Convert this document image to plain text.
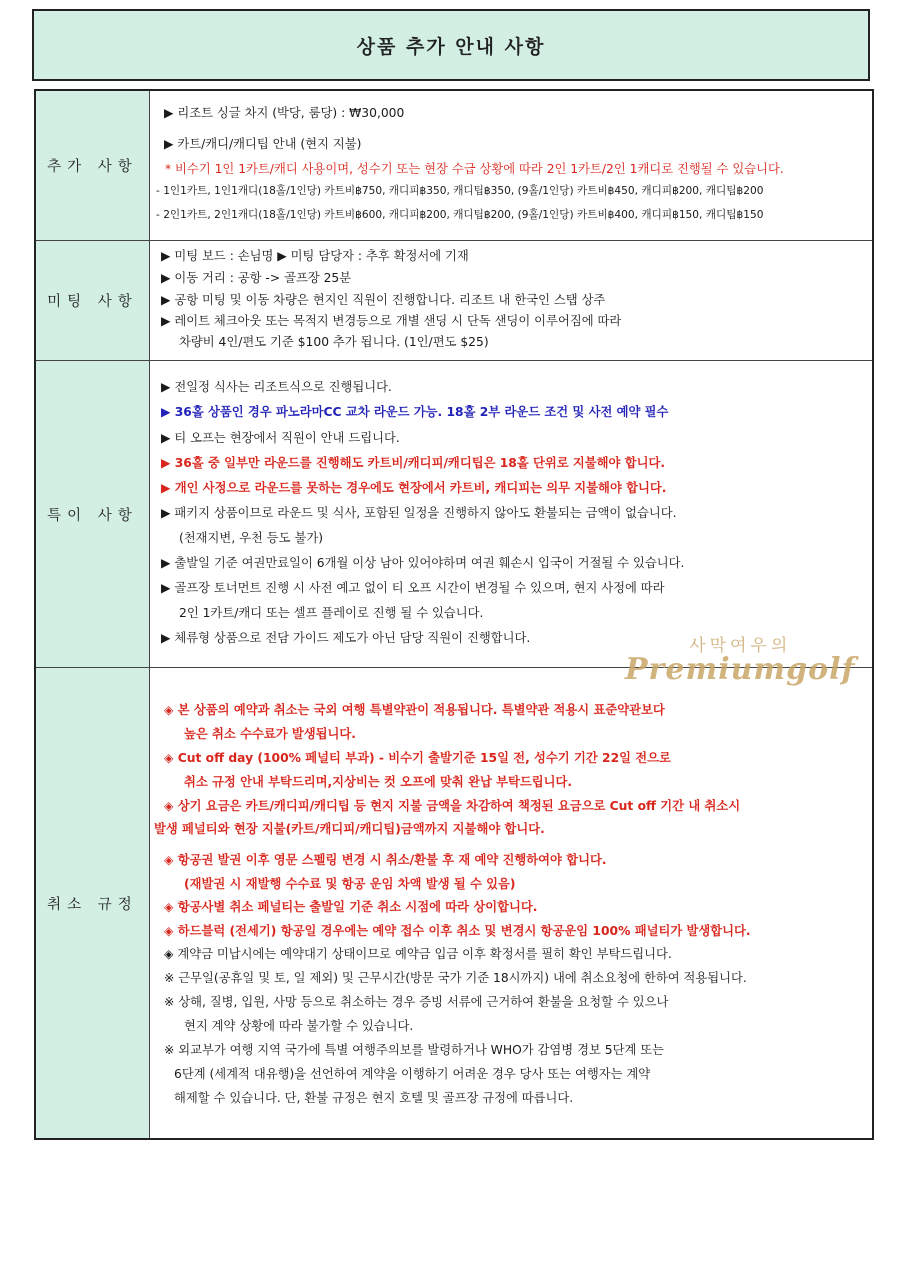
상품 추가 안내 사항
추가 사항
▶ 리조트 싱글 차지 (박당, 룸당) : ₩30,000
▶ 카트/캐디/캐디팁 안내 (현지 지불)
* 비수기 1인 1카트/캐디 사용이며, 성수기 또는 현장 수급 상황에 따라 2인 1카트/2인 1캐디로 진행될 수 있습니다.
- 1인1카트, 1인1캐디(18홀/1인당) 카트비฿750, 캐디피฿350, 캐디팁฿350, (9홀/1인당) 카트비฿450, 캐디피฿200, 캐디팁฿200
- 2인1카트, 2인1캐디(18홀/1인당) 카트비฿600, 캐디피฿200, 캐디팁฿200, (9홀/1인당) 카트비฿400, 캐디피฿150, 캐디팁฿150
미팅 사항
▶ 미팅 보드 : 손님명 ▶ 미팅 담당자 : 추후 확정서에 기재
▶ 이동 거리 : 공항 -> 골프장 25분
▶ 공항 미팅 및 이동 차량은 현지인 직원이 진행합니다. 리조트 내 한국인 스탭 상주
▶ 레이트 체크아웃 또는 목적지 변경등으로 개별 샌딩 시 단독 샌딩이 이루어짐에 따라
차량비 4인/편도 기준 $100 추가 됩니다. (1인/편도 $25)
특이 사항
▶ 전일정 식사는 리조트식으로 진행됩니다.
▶ 36홀 상품인 경우 파노라마CC 교차 라운드 가능. 18홀 2부 라운드 조건 및 사전 예약 필수
▶ 티 오프는 현장에서 직원이 안내 드립니다.
▶ 36홀 중 일부만 라운드를 진행해도 카트비/캐디피/캐디팁은 18홀 단위로 지불해야 합니다.
▶ 개인 사정으로 라운드를 못하는 경우에도 현장에서 카트비, 캐디피는 의무 지불해야 합니다.
▶ 패키지 상품이므로 라운드 및 식사, 포함된 일정을 진행하지 않아도 환불되는 금액이 없습니다.
(천재지변, 우천 등도 불가)
▶ 출발일 기준 여권만료일이 6개월 이상 남아 있어야하며 여권 훼손시 입국이 거절될 수 있습니다.
▶ 골프장 토너먼트 진행 시 사전 예고 없이 티 오프 시간이 변경될 수 있으며, 현지 사정에 따라
2인 1카트/캐디 또는 셀프 플레이로 진행 될 수 있습니다.
▶ 체류형 상품으로 전담 가이드 제도가 아닌 담당 직원이 진행합니다.	사막여우의
Premiumgolf
취소 규정
◈ 본 상품의 예약과 취소는 국외 여행 특별약관이 적용됩니다. 특별약관 적용시 표준약관보다
높은 취소 수수료가 발생됩니다.
◈ Cut off day (100% 페널티 부과) - 비수기 출발기준 15일 전, 성수기 기간 22일 전으로
취소 규정 안내 부탁드리며,지상비는 컷 오프에 맞춰 완납 부탁드립니다.
◈ 상기 요금은 카트/캐디피/캐디팁 등 현지 지불 금액을 차감하여 책정된 요금으로 Cut off 기간 내 취소시
발생 페널티와 현장 지불(카트/캐디피/캐디팁)금액까지 지불해야 합니다.
◈ 항공권 발권 이후 영문 스펠링 변경 시 취소/환불 후 재 예약 진행하여야 합니다.
(재발권 시 재발행 수수료 및 항공 운임 차액 발생 될 수 있음)
◈ 항공사별 취소 페널티는 출발일 기준 취소 시점에 따라 상이합니다.
◈ 하드블럭 (전세기) 항공일 경우에는 예약 접수 이후 취소 및 변경시 항공운임 100% 패널티가 발생합니다.
◈ 계약금 미납시에는 예약대기 상태이므로 예약금 입금 이후 확정서를 필히 확인 부탁드립니다.
※ 근무일(공휴일 및 토, 일 제외) 및 근무시간(방문 국가 기준 18시까지) 내에 취소요청에 한하여 적용됩니다.
※ 상해, 질병, 입원, 사망 등으로 취소하는 경우 증빙 서류에 근거하여 환불을 요청할 수 있으나
현지 계약 상황에 따라 불가할 수 있습니다.
※ 외교부가 여행 지역 국가에 특별 여행주의보를 발령하거나 WHO가 감염병 경보 5단계 또는
6단계 (세계적 대유행)을 선언하여 계약을 이행하기 어려운 경우 당사 또는 여행자는 계약
해제할 수 있습니다. 단, 환불 규정은 현지 호텔 및 골프장 규정에 따릅니다.
